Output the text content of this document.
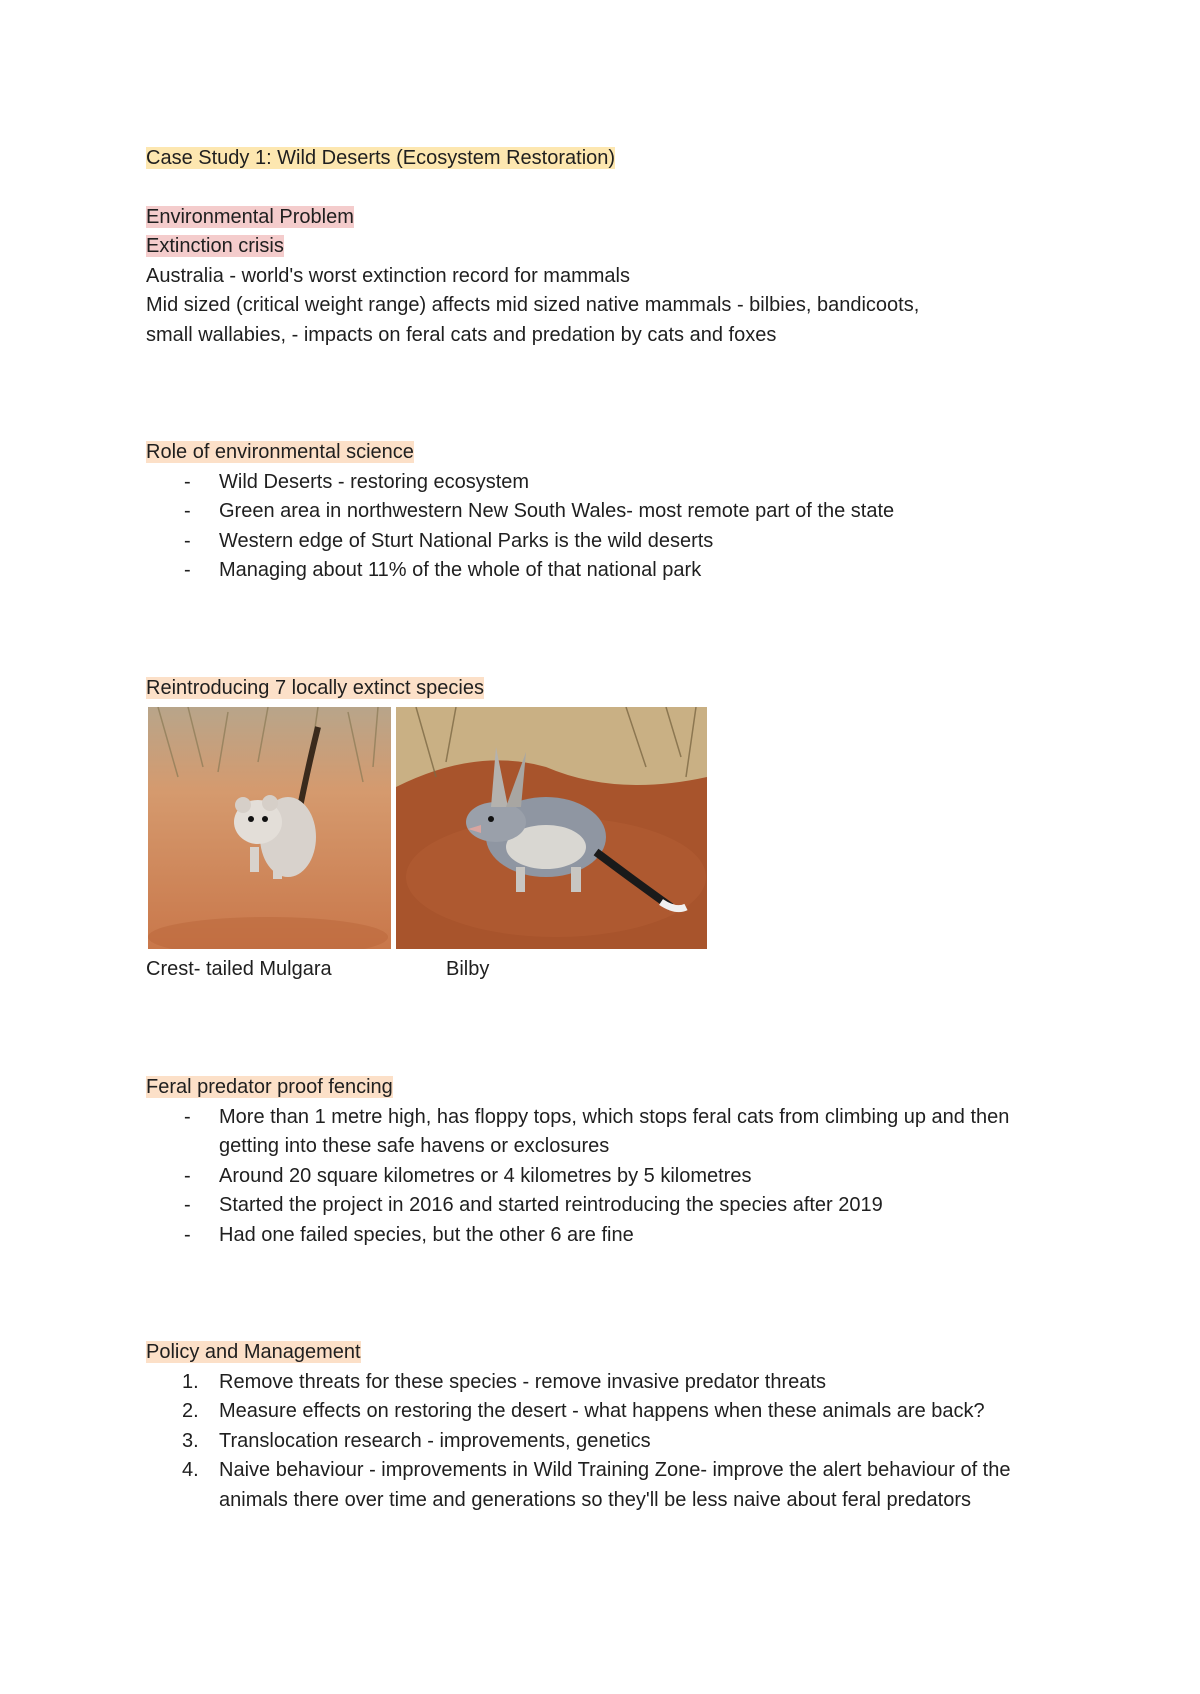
Case Study 1: Wild Deserts (Ecosystem Restoration)

Environmental Problem

Extinction crisis

Australia - world's worst extinction record for mammals

Mid sized (critical weight range) affects mid sized native mammals - bilbies, bandicoots,

small wallabies, - impacts on feral cats and predation by cats and foxes

Role of environmental science

- Wild Deserts - restoring ecosystem
- Green area in northwestern New South Wales- most remote part of the state
- Western edge of Sturt National Parks is the wild deserts
- Managing about 11% of the whole of that national park

Reintroducing 7 locally extinct species

Crest- tailed Mulgara	Bilby

Feral predator proof fencing

- More than 1 metre high, has floppy tops, which stops feral cats from climbing up and then getting into these safe havens or exclosures
- Around 20 square kilometres or 4 kilometres by 5 kilometres
- Started the project in 2016 and started reintroducing the species after 2019
- Had one failed species, but the other 6 are fine

Policy and Management

1. Remove threats for these species - remove invasive predator threats
2. Measure effects on restoring the desert - what happens when these animals are back?
3. Translocation research - improvements, genetics
4. Naive behaviour - improvements in Wild Training Zone- improve the alert behaviour of the animals there over time and generations so they'll be less naive about feral predators
